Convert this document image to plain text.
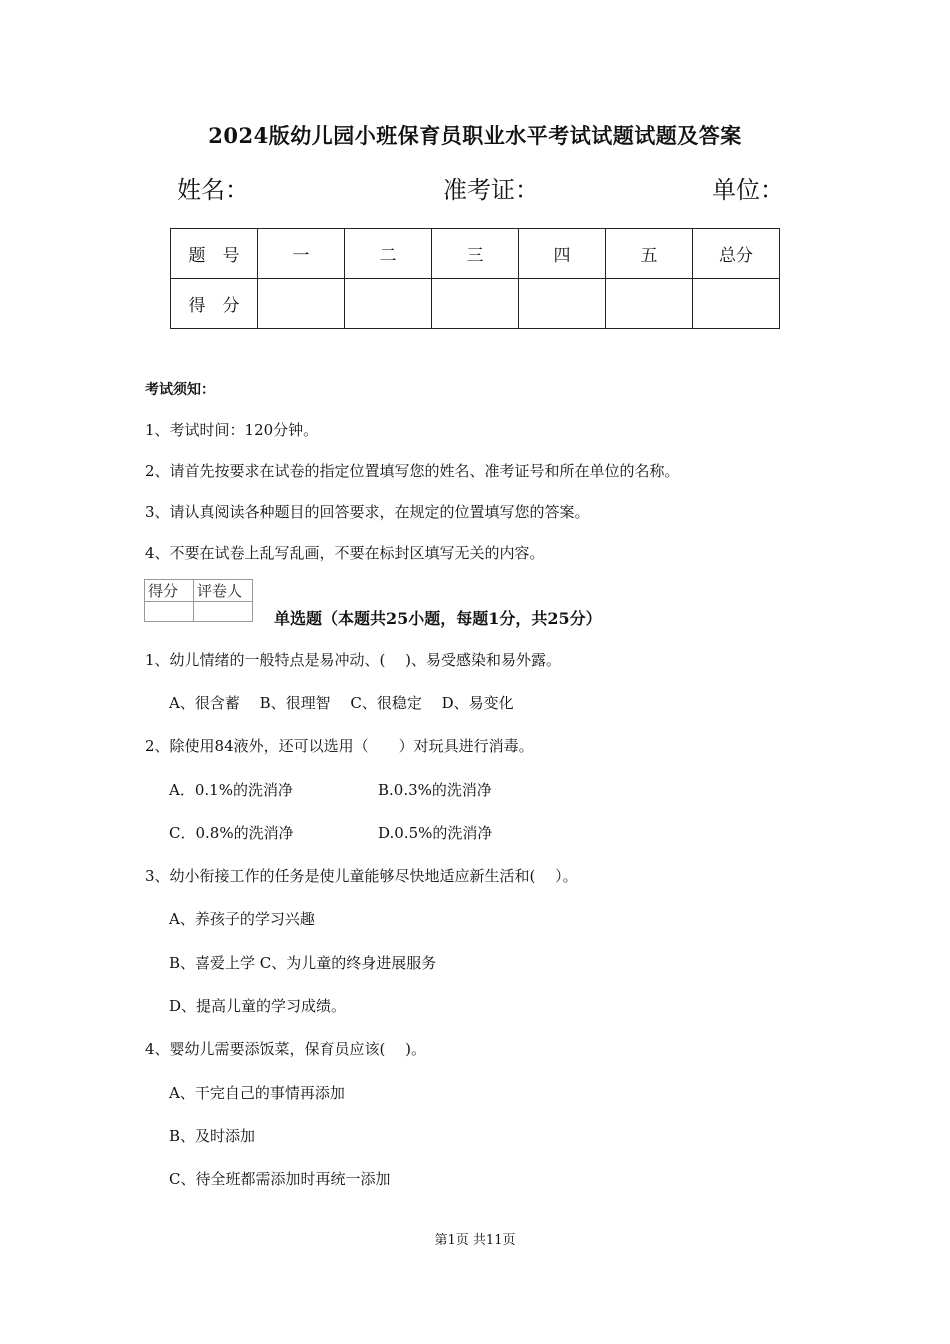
2024版幼儿园小班保育员职业水平考试试题试题及答案
姓名：	准考证：	单位：
题　号	一	二	三	四	五	总分
得　分						
考试须知：
1、考试时间：120分钟。
2、请首先按要求在试卷的指定位置填写您的姓名、准考证号和所在单位的名称。
3、请认真阅读各种题目的回答要求，在规定的位置填写您的答案。
4、不要在试卷上乱写乱画，不要在标封区填写无关的内容。
得分	评卷人

单选题（本题共25小题，每题1分，共25分）
1、幼儿情绪的一般特点是易冲动、(　 )、易受感染和易外露。
A、很含蓄　 B、很理智　 C、很稳定　 D、易变化
2、除使用84液外，还可以选用（　　）对玩具进行消毒。
A．0.1%的洗消净	B.0.3%的洗消净
C．0.8%的洗消净	D.0.5%的洗消净
3、幼小衔接工作的任务是使儿童能够尽快地适应新生活和(　 ）。
A、养孩子的学习兴趣
B、喜爱上学 C、为儿童的终身进展服务
D、提高儿童的学习成绩。
4、婴幼儿需要添饭菜，保育员应该(　 )。
A、干完自己的事情再添加
B、及时添加
C、待全班都需添加时再统一添加
第1页 共11页
